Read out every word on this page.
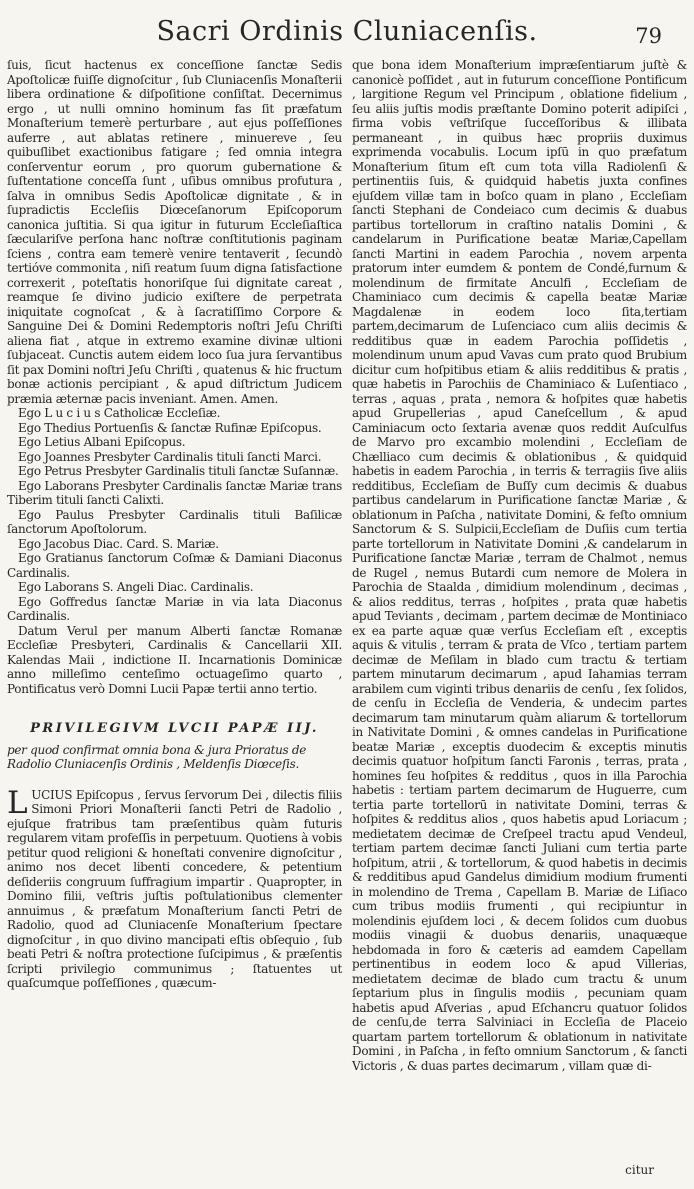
Sacri Ordinis Cluniacenſis.	79

ſuis, ſicut hactenus ex conceſſione ſanctæ Sedis Apoſtolicæ fuiſſe dignoſcitur , ſub Cluniacenſis Monaſterii libera ordinatione & diſpoſitione conſiſtat. Decernimus ergo , ut nulli omnino hominum fas ſit præfatum Monaſterium temerè perturbare , aut ejus poſſeſſiones auferre , aut ablatas retinere , minuereve , ſeu quibuſlibet exactionibus fatigare ; ſed omnia integra conſerventur eorum , pro quorum gubernatione & ſuſtentatione conceſſa ſunt , uſibus omnibus profutura , ſalva in omnibus Sedis Apoſtolicæ dignitate , & in ſupradictis Eccleſiis Diœceſanorum Epiſcoporum canonica juſtitia. Si qua igitur in futurum Eccleſiaſtica ſæculariſve perſona hanc noſtræ conſtitutionis paginam ſciens , contra eam temerè venire tentaverit , ſecundò tertióve commonita , niſi reatum ſuum digna ſatisfactione correxerit , poteſtatis honoriſque ſui dignitate careat , reamque ſe divino judicio exiſtere de perpetrata iniquitate cognoſcat , & à ſacratiſſimo Corpore & Sanguine Dei & Domini Redemptoris noſtri Jeſu Chriſti aliena fiat , atque in extremo examine divinæ ultioni ſubjaceat. Cunctis autem eidem loco ſua jura ſervantibus ſit pax Domini noſtri Jeſu Chriſti , quatenus & hic fructum bonæ actionis percipiant , & apud diſtrictum Judicem præmia æternæ pacis inveniant. Amen. Amen.

Ego L u c i u s Catholicæ Eccleſiæ.

Ego Thedius Portuenſis & ſanctæ Rufinæ Epiſcopus.

Ego Letius Albani Epiſcopus.

Ego Joannes Presbyter Cardinalis tituli ſancti Marci.

Ego Petrus Presbyter Gardinalis tituli ſanctæ Suſannæ.

Ego Laborans Presbyter Cardinalis ſanctæ Mariæ trans Tiberim tituli ſancti Calixti.

Ego Paulus Presbyter Cardinalis tituli Baſilicæ ſanctorum Apoſtolorum.

Ego Jacobus Diac. Card. S. Mariæ.

Ego Gratianus ſanctorum Coſmæ & Damiani Diaconus Cardinalis.

Ego Laborans S. Angeli Diac. Cardinalis.

Ego Goffredus ſanctæ Mariæ in via lata Diaconus Cardinalis.

Datum Verul per manum Alberti ſanctæ Romanæ Eccleſiæ Presbyteri, Cardinalis & Cancellarii XII. Kalendas Maii , indictione II. Incarnationis Dominicæ anno milleſimo centeſimo octuageſimo quarto , Pontificatus verò Domni Lucii Papæ tertii anno tertio.

PRIVILEGIVM LVCII PAPÆ IIJ.

per quod confirmat omnia bona & jura Prioratus de Radolio Cluniacenſis Ordinis , Meldenſis Diœceſis.

LUCIUS Epiſcopus , ſervus ſervorum Dei , dilectis filiis Simoni Priori Monaſterii ſancti Petri de Radolio , ejuſque fratribus tam præſentibus quàm futuris regularem vitam profeſſis in perpetuum. Quotiens à vobis petitur quod religioni & honeſtati convenire dignoſcitur , animo nos decet libenti concedere, & petentium deſideriis congruum ſuffragium impartir . Quapropter, in Domino filii, veſtris juſtis poſtulationibus clementer annuimus , & præfatum Monaſterium ſancti Petri de Radolio, quod ad Cluniacenſe Monaſterium ſpectare dignoſcitur , in quo divino mancipati eſtis obſequio , ſub beati Petri & noſtra protectione ſuſcipimus , & præſentis ſcripti privilegio communimus ; ſtatuentes ut quaſcumque poſſeſſiones , quæcum-

que bona idem Monaſterium impræſentiarum juſtè & canonicè poſſidet , aut in futurum conceſſione Pontificum , largitione Regum vel Principum , oblatione fidelium , ſeu aliis juſtis modis præſtante Domino poterit adipiſci , firma vobis veſtriſque ſucceſſoribus & illibata permaneant , in quibus hæc propriis duximus exprimenda vocabulis. Locum ipſū in quo præfatum Monaſterium ſitum eſt cum tota villa Radiolenſi & pertinentiis ſuis, & quidquid habetis juxta confines ejuſdem villæ tam in boſco quam in plano , Eccleſiam ſancti Stephani de Condeiaco cum decimis & duabus partibus tortellorum in craſtino natalis Domini , & candelarum in Purificatione beatæ Mariæ,Capellam ſancti Martini in eadem Parochia , novem arpenta pratorum inter eumdem & pontem de Condé,furnum & molendinum de firmitate Anculfi , Eccleſiam de Chaminiaco cum decimis & capella beatæ Mariæ Magdalenæ in eodem loco ſita,tertiam partem,decimarum de Luſenciaco cum aliis decimis & redditibus quæ in eadem Parochia poſſidetis , molendinum unum apud Vavas cum prato quod Brubium dicitur cum hoſpitibus etiam & aliis redditibus & pratis , quæ habetis in Parochiis de Chaminiaco & Luſentiaco , terras , aquas , prata , nemora & hoſpites quæ habetis apud Grupellerias , apud Caneſcellum , & apud Caminiacum octo ſextaria avenæ quos reddit Auſculfus de Marvo pro excambio molendini , Eccleſiam de Chælliaco cum decimis & oblationibus , & quidquid habetis in eadem Parochia , in terris & terragiis ſive aliis redditibus, Eccleſiam de Buſſy cum decimis & duabus partibus candelarum in Purificatione ſanctæ Mariæ , & oblationum in Paſcha , nativitate Domini, & feſto omnium Sanctorum & S. Sulpicii,Eccleſiam de Duſiis cum tertia parte tortellorum in Nativitate Domini ,& candelarum in Purificatione ſanctæ Mariæ , terram de Chalmot , nemus de Rugel , nemus Butardi cum nemore de Molera in Parochia de Staalda , dimidium molendinum , decimas , & alios redditus, terras , hoſpites , prata quæ habetis apud Teviants , decimam , partem decimæ de Montiniaco ex ea parte aquæ quæ verſus Eccleſiam eſt , exceptis aquis & vitulis , terram & prata de Vſco , tertiam partem decimæ de Meſilam in blado cum tractu & tertiam partem minutarum decimarum , apud Iahamias terram arabilem cum viginti tribus denariis de cenſu , ſex ſolidos, de cenſu in Eccleſia de Venderia, & undecim partes decimarum tam minutarum quàm aliarum & tortellorum in Nativitate Domini , & omnes candelas in Purificatione beatæ Mariæ , exceptis duodecim & exceptis minutis decimis quatuor hoſpitum ſancti Faronis , terras, prata , homines ſeu hoſpites & redditus , quos in illa Parochia habetis : tertiam partem decimarum de Huguerre, cum tertia parte tortellorū in nativitate Domini, terras & hoſpites & redditus alios , quos habetis apud Loriacum ; medietatem decimæ de Creſpeel tractu apud Vendeul, tertiam partem decimæ ſancti Juliani cum tertia parte hoſpitum, atrii , & tortellorum, & quod habetis in decimis & redditibus apud Gandelus dimidium modium frumenti in molendino de Trema , Capellam B. Mariæ de Liſiaco cum tribus modiis frumenti , qui recipiuntur in molendinis ejuſdem loci , & decem ſolidos cum duobus modiis vinagii & duobus denariis, unaquæque hebdomada in foro & cæteris ad eamdem Capellam pertinentibus in eodem loco & apud Villerias, medietatem decimæ de blado cum tractu & unum ſeptarium plus in ſingulis modiis , pecuniam quam habetis apud Aſverias , apud Eſchancru quatuor ſolidos de cenſu,de terra Salviniaci in Eccleſia de Placeio quartam partem tortellorum & oblationum in nativitate Domini , in Paſcha , in feſto omnium Sanctorum , & ſancti Victoris , & duas partes decimarum , villam quæ di-

citur
